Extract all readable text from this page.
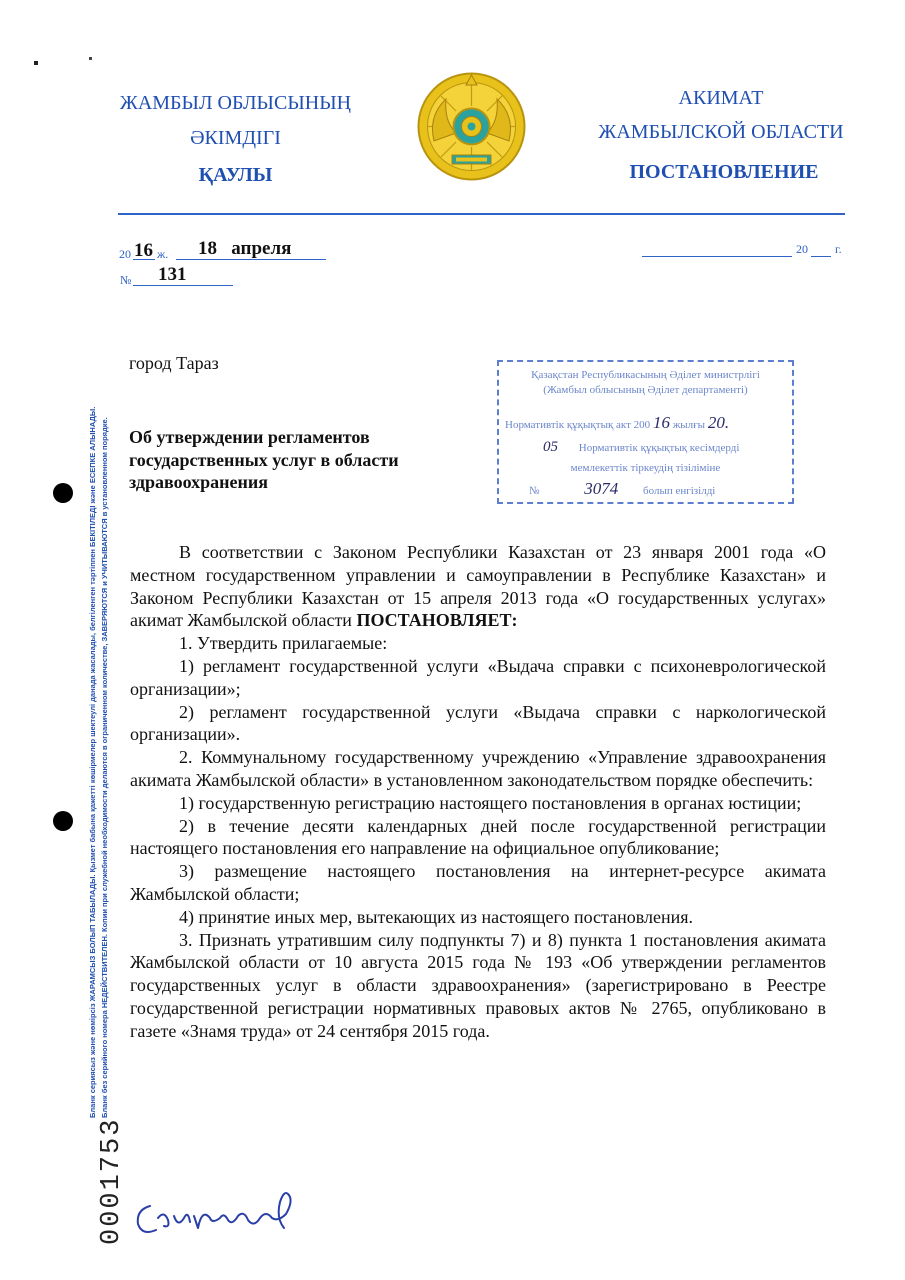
ЖАМБЫЛ ОБЛЫСЫНЫҢ
ӘКІМДІГІ
ҚАУЛЫ
АКИМАТ
ЖАМБЫЛСКОЙ ОБЛАСТИ
ПОСТАНОВЛЕНИЕ
20 16 ж. 18   апреля
№ 131
20 г.
город Тараз
Қазақстан Республикасының Әділет министрлігі
(Жамбыл облысының Әділет департаменті)
Нормативтік құқықтық акт 200 16 жылғы 20.
05 Нормативтік құқықтық кесімдерді
мемлекеттік тіркеудің тізіліміне
№	3074 болып енгізілді
Об утверждении регламентов государственных услуг в области здравоохранения
В соответствии с Законом Республики Казахстан от 23 января 2001 года «О местном государственном управлении и самоуправлении в Республике Казахстан» и Законом Республики Казахстан от 15 апреля 2013 года «О государственных услугах» акимат Жамбылской области ПОСТАНОВЛЯЕТ:
1. Утвердить прилагаемые:
1) регламент государственной услуги «Выдача справки с психоневрологической организации»;
2) регламент государственной услуги «Выдача справки с наркологической организации».
2. Коммунальному государственному учреждению «Управление здравоохранения акимата Жамбылской области» в установленном законодательством порядке обеспечить:
1) государственную регистрацию настоящего постановления в органах юстиции;
2) в течение десяти календарных дней после государственной регистрации настоящего постановления его направление на официальное опубликование;
3) размещение настоящего постановления на интернет-ресурсе акимата Жамбылской области;
4) принятие иных мер, вытекающих из настоящего постановления.
3. Признать утратившим силу подпункты 7) и 8) пункта 1 постановления акимата Жамбылской области от 10 августа 2015 года № 193 «Об утверждении регламентов государственных услуг в области здравоохранения» (зарегистрировано в Реестре государственной регистрации нормативных правовых актов № 2765, опубликовано в газете «Знамя труда» от 24 сентября 2015 года.
Бланк сериясыз және нөмірсіз ЖАРАМСЫЗ БОЛЫП ТАБЫЛАДЫ. Қызмет бабына қажетті көшірмелер шектеулі данада жасалады, белгіленген тәртіппен БЕКІТІЛЕДІ және ЕСЕПКЕ АЛЫНАДЫ. Бланк без серийного номера НЕДЕЙСТВИТЕЛЕН. Копии при служебной необходимости делаются в ограниченном количестве, ЗАВЕРЯЮТСЯ и УЧИТЫВАЮТСЯ в установленном порядке.
0001753
